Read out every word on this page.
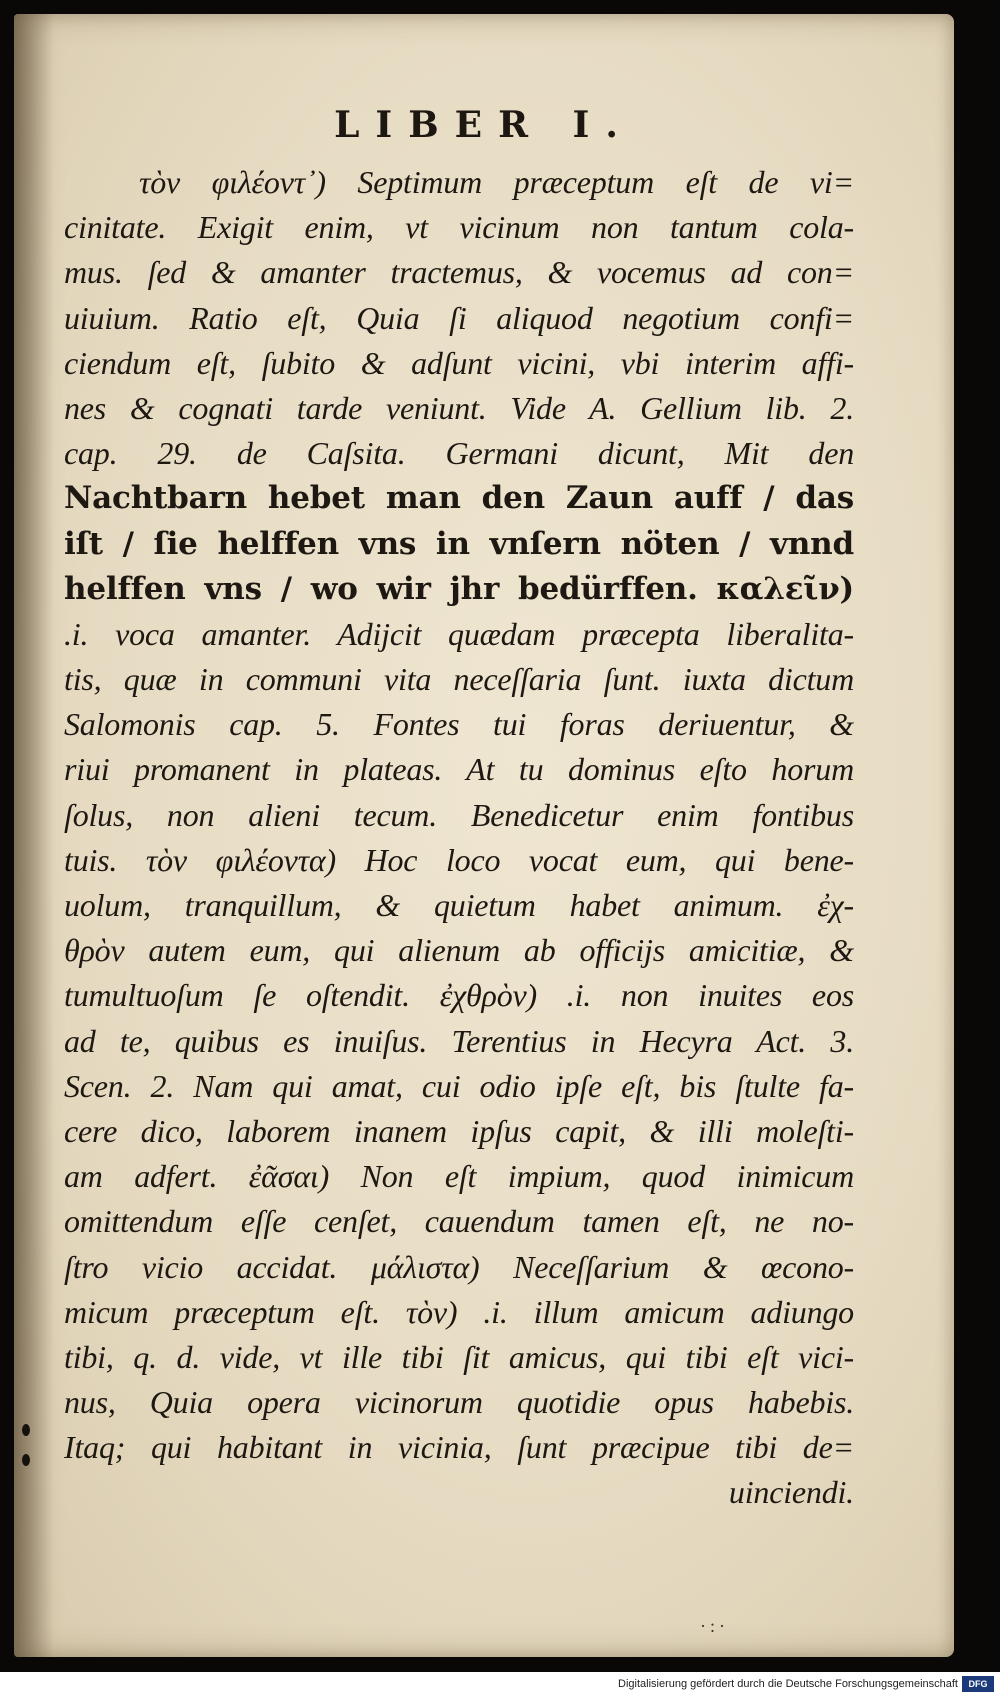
LIBER I.
τὸν φιλέοντ᾽) Septimum præceptum eſt de vi=
cinitate. Exigit enim, vt vicinum non tantum cola-
mus. ſed & amanter tractemus, & vocemus ad con=
uiuium. Ratio eſt, Quia ſi aliquod negotium confi=
ciendum eſt, ſubito & adſunt vicini, vbi interim affi-
nes & cognati tarde veniunt. Vide A. Gellium lib. 2.
cap. 29. de Caſsita. Germani dicunt, Mit den
Nachtbarn hebet man den Zaun auff / das
iſt / ſie helffen vns in vnſern nöten / vnnd
helffen vns / wo wir jhr bedürffen. καλεῖν)
.i. voca amanter. Adijcit quædam præcepta liberalita-
tis, quæ in communi vita neceſſaria ſunt. iuxta dictum
Salomonis cap. 5. Fontes tui foras deriuentur, &
riui promanent in plateas. At tu dominus eſto horum
ſolus, non alieni tecum. Benedicetur enim fontibus
tuis. τὸν φιλέοντα) Hoc loco vocat eum, qui bene-
uolum, tranquillum, & quietum habet animum. ἐχ-
θρὸν autem eum, qui alienum ab officijs amicitiæ, &
tumultuoſum ſe oſtendit. ἐχθρὸν) .i. non inuites eos
ad te, quibus es inuiſus. Terentius in Hecyra Act. 3.
Scen. 2. Nam qui amat, cui odio ipſe eſt, bis ſtulte fa-
cere dico, laborem inanem ipſus capit, & illi moleſti-
am adfert. ἐᾶσαι) Non eſt impium, quod inimicum
omittendum eſſe cenſet, cauendum tamen eſt, ne no-
ſtro vicio accidat. μάλιστα) Neceſſarium & œcono-
micum præceptum eſt. τὸν) .i. illum amicum adiungo
tibi, q. d. vide, vt ille tibi ſit amicus, qui tibi eſt vici-
nus, Quia opera vicinorum quotidie opus habebis.
Itaq; qui habitant in vicinia, ſunt præcipue tibi de=
uinciendi.
·:·
Digitalisierung gefördert durch die Deutsche Forschungsgemeinschaft	DFG
